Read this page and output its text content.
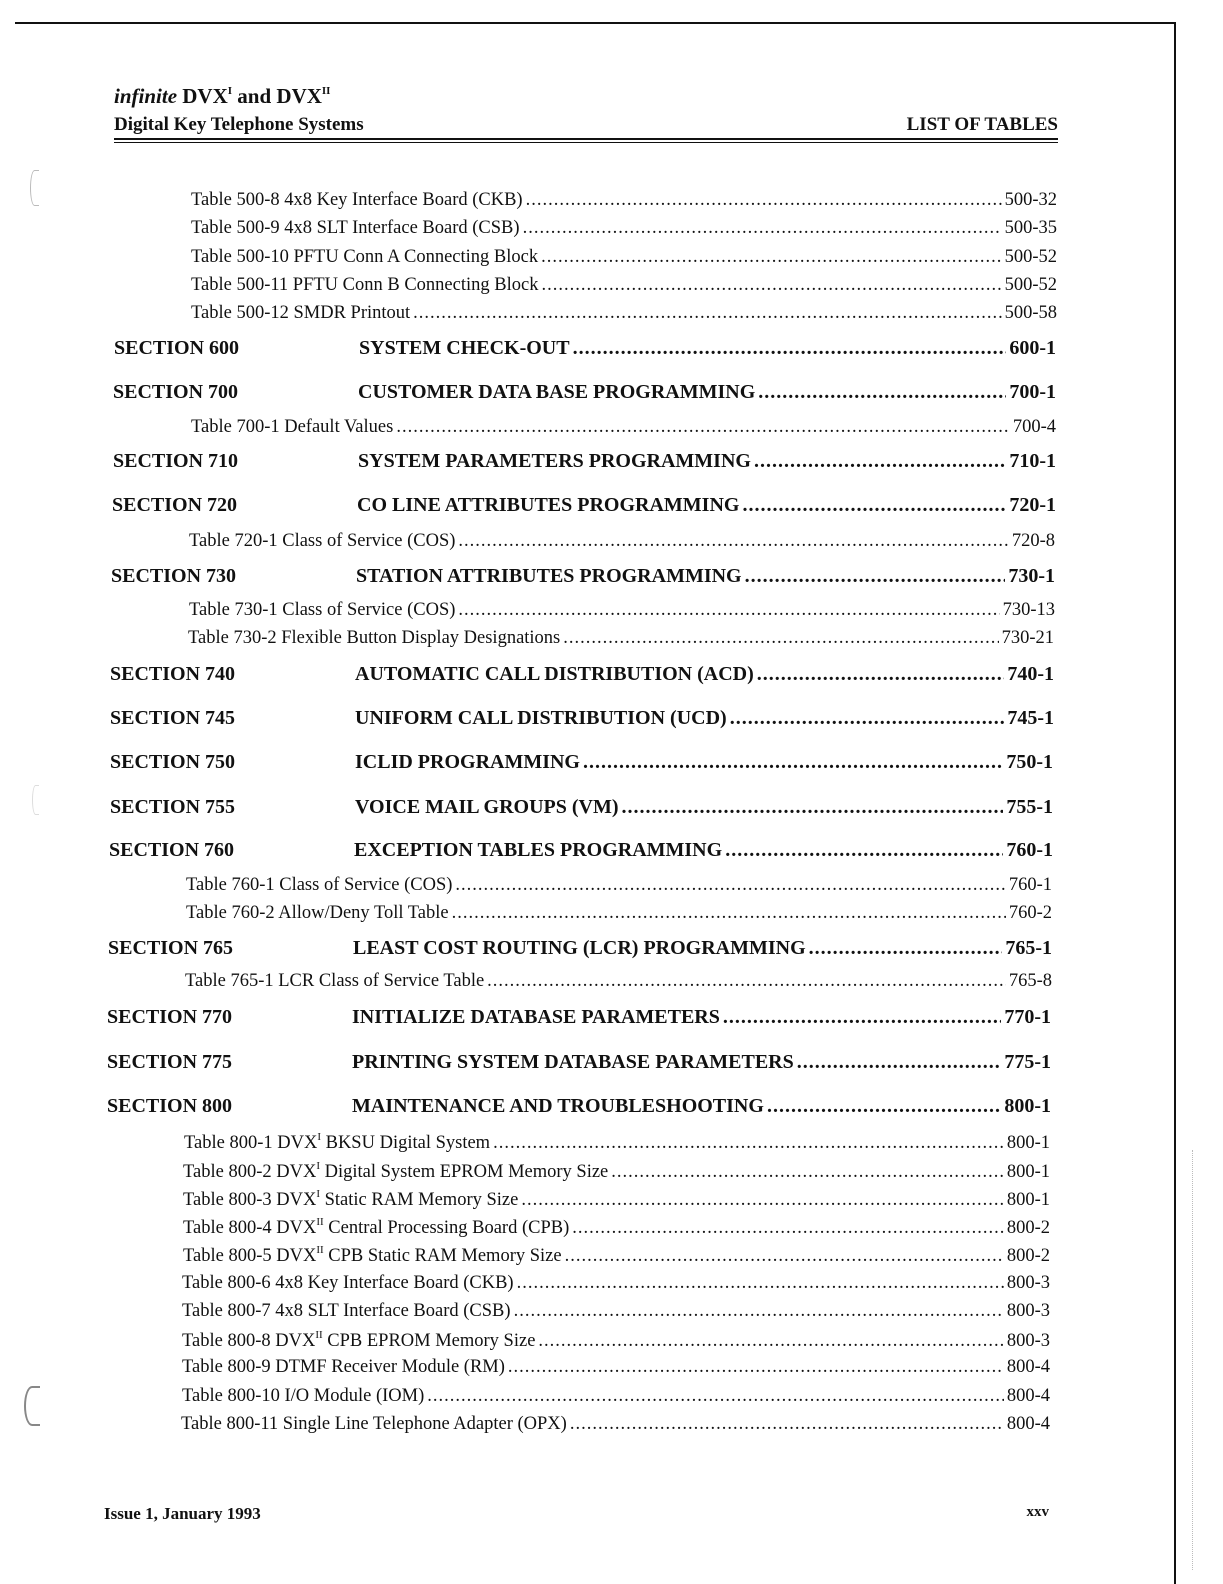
infinite $DVX^I$ and $DVX^{II}$
Digital Key Telephone Systems	LIST OF TABLES
Table 500-8 4x8 Key Interface Board (CKB) .....	500-32
Table 500-9 4x8 SLT Interface Board (CSB) .....	500-35
Table 500-10 PFTU Conn A Connecting Block .....	500-52
Table 500-11 PFTU Conn B Connecting Block .....	500-52
Table 500-12 SMDR Printout .....	500-58
SECTION 600	SYSTEM CHECK-OUT .....	600-1
SECTION 700	CUSTOMER DATA BASE PROGRAMMING .....	700-1
Table 700-1 Default Values .....	700-4
SECTION 710	SYSTEM PARAMETERS PROGRAMMING .....	710-1
SECTION 720	CO LINE ATTRIBUTES PROGRAMMING .....	720-1
Table 720-1 Class of Service (COS) .....	720-8
SECTION 730	STATION ATTRIBUTES PROGRAMMING .....	730-1
Table 730-1 Class of Service (COS) .....	730-13
Table 730-2 Flexible Button Display Designations .....	730-21
SECTION 740	AUTOMATIC CALL DISTRIBUTION (ACD) .....	740-1
SECTION 745	UNIFORM CALL DISTRIBUTION (UCD) .....	745-1
SECTION 750	ICLID PROGRAMMING .....	750-1
SECTION 755	VOICE MAIL GROUPS (VM) .....	755-1
SECTION 760	EXCEPTION TABLES PROGRAMMING .....	760-1
Table 760-1 Class of Service (COS) .....	760-1
Table 760-2 Allow/Deny Toll Table .....	760-2
SECTION 765	LEAST COST ROUTING (LCR) PROGRAMMING .....	765-1
Table 765-1 LCR Class of Service Table .....	765-8
SECTION 770	INITIALIZE DATABASE PARAMETERS .....	770-1
SECTION 775	PRINTING SYSTEM DATABASE PARAMETERS .....	775-1
SECTION 800	MAINTENANCE AND TROUBLESHOOTING .....	800-1
Table 800-1 $DVX^I$ BKSU Digital System .....	800-1
Table 800-2 $DVX^I$ Digital System EPROM Memory Size .....	800-1
Table 800-3 $DVX^I$ Static RAM Memory Size .....	800-1
Table 800-4 $DVX^{II}$ Central Processing Board (CPB) .....	800-2
Table 800-5 $DVX^{II}$ CPB Static RAM Memory Size .....	800-2
Table 800-6 4x8 Key Interface Board (CKB) .....	800-3
Table 800-7 4x8 SLT Interface Board (CSB) .....	800-3
Table 800-8 $DVX^{II}$ CPB EPROM Memory Size .....	800-3
Table 800-9 DTMF Receiver Module (RM) .....	800-4
Table 800-10 I/O Module (IOM) .....	800-4
Table 800-11 Single Line Telephone Adapter (OPX) .....	800-4
Issue 1, January 1993	xxv
